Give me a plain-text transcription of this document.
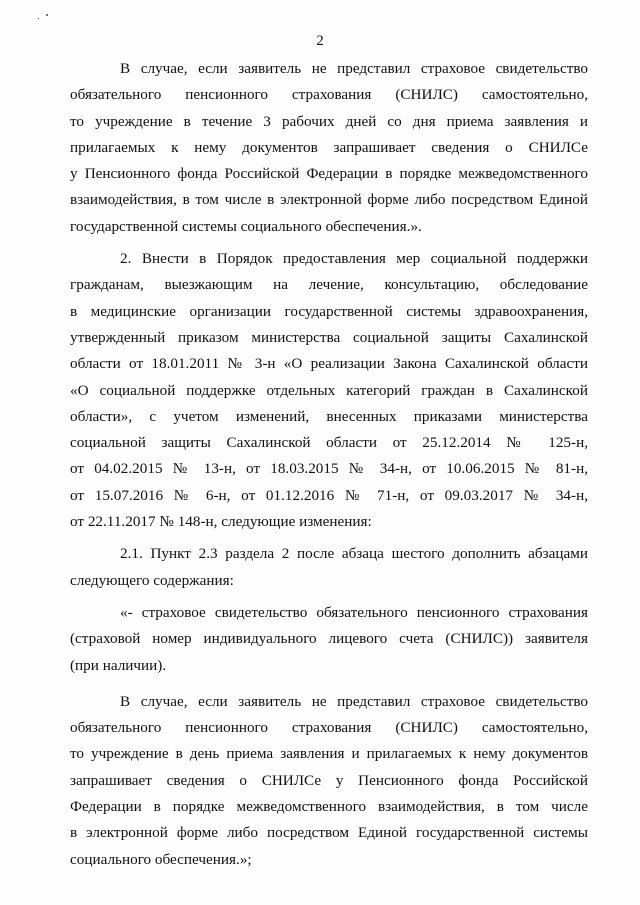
2
В случае, если заявитель не представил страховое свидетельство
обязательного пенсионного страхования (СНИЛС) самостоятельно,
то учреждение в течение 3 рабочих дней со дня приема заявления и
прилагаемых к нему документов запрашивает сведения о СНИЛСе
у Пенсионного фонда Российской Федерации в порядке межведомственного
взаимодействия, в том числе в электронной форме либо посредством Единой
государственной системы социального обеспечения.».
2. Внести в Порядок предоставления мер социальной поддержки
гражданам, выезжающим на лечение, консультацию, обследование
в медицинские организации государственной системы здравоохранения,
утвержденный приказом министерства социальной защиты Сахалинской
области от 18.01.2011 № 3-н «О реализации Закона Сахалинской области
«О социальной поддержке отдельных категорий граждан в Сахалинской
области», с учетом изменений, внесенных приказами министерства
социальной защиты Сахалинской области от 25.12.2014 № 125-н,
от 04.02.2015 № 13-н, от 18.03.2015 № 34-н, от 10.06.2015 № 81-н,
от 15.07.2016 № 6-н, от 01.12.2016 № 71-н, от 09.03.2017 № 34-н,
от 22.11.2017 № 148-н, следующие изменения:
2.1. Пункт 2.3 раздела 2 после абзаца шестого дополнить абзацами
следующего содержания:
«- страховое свидетельство обязательного пенсионного страхования
(страховой номер индивидуального лицевого счета (СНИЛС)) заявителя
(при наличии).
В случае, если заявитель не представил страховое свидетельство
обязательного пенсионного страхования (СНИЛС) самостоятельно,
то учреждение в день приема заявления и прилагаемых к нему документов
запрашивает сведения о СНИЛСе у Пенсионного фонда Российской
Федерации в порядке межведомственного взаимодействия, в том числе
в электронной форме либо посредством Единой государственной системы
социального обеспечения.»;
